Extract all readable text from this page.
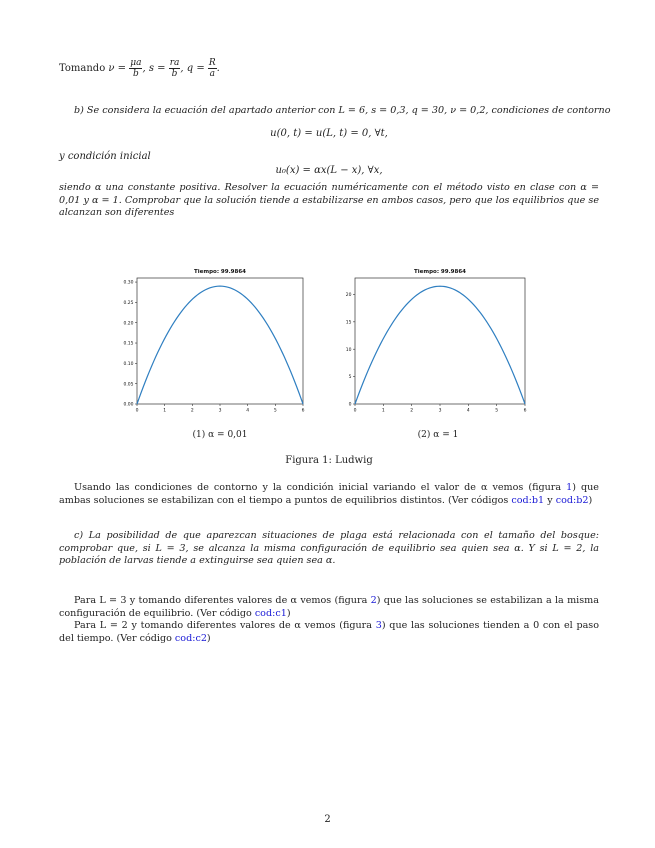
Tomando $\nu = \frac{\mu a}{b}$ , $s = \frac{ra}{b}$ , $q = \frac{R}{a}$ .
b) Se considera la ecuación del apartado anterior con L = 6, s = 0,3, q = 30, ν = 0,2, condiciones de contorno
u(0, t) = u(L, t) = 0, ∀t,
y condición inicial
u₀(x) = αx(L − x), ∀x,
siendo α una constante positiva. Resolver la ecuación numéricamente con el método visto en clase con α = 0,01 y α = 1. Comprobar que la solución tiende a estabilizarse en ambos casos, pero que los equilibrios que se alcanzan son diferentes
Tiempo: 99.9864
0	1	2	3	4	5	6
0.00
0.05
0.10
0.15
0.20
0.25
0.30
Tiempo: 99.9864
0	1	2	3	4	5	6
0
5
10
15
20
(1) α = 0,01	(2) α = 1
Figura 1: Ludwig
Usando las condiciones de contorno y la condición inicial variando el valor de α vemos (figura 1) que ambas soluciones se estabilizan con el tiempo a puntos de equilibrios distintos. (Ver códigos cod:b1 y cod:b2)
c) La posibilidad de que aparezcan situaciones de plaga está relacionada con el tamaño del bosque: comprobar que, si L = 3, se alcanza la misma configuración de equilibrio sea quien sea α. Y si L = 2, la población de larvas tiende a extinguirse sea quien sea α.
Para L = 3 y tomando diferentes valores de α vemos (figura 2) que las soluciones se estabilizan a la misma configuración de equilibrio. (Ver código cod:c1)
Para L = 2 y tomando diferentes valores de α vemos (figura 3) que las soluciones tienden a 0 con el paso del tiempo. (Ver código cod:c2)
2
